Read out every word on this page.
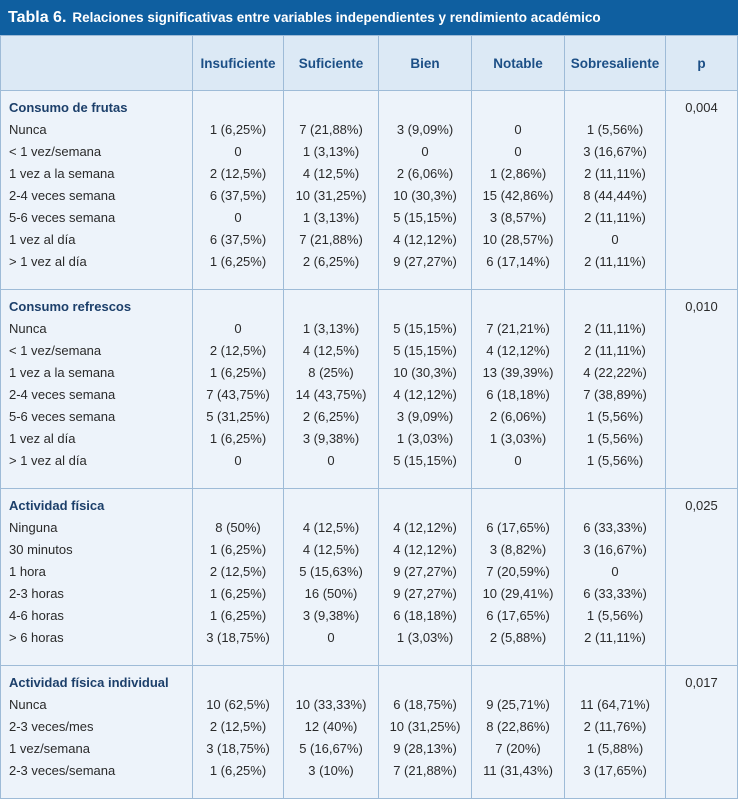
Tabla 6. Relaciones significativas entre variables independientes y rendimiento académico
	Insuficiente	Suficiente	Bien	Notable	Sobresaliente	p

Consumo de frutas						0,004
Nunca	1 (6,25%)	7 (21,88%)	3 (9,09%)	0	1 (5,56%)	
< 1 vez/semana	0	1 (3,13%)	0	0	3 (16,67%)	
1 vez a la semana	2 (12,5%)	4 (12,5%)	2 (6,06%)	1 (2,86%)	2 (11,11%)	
2-4 veces semana	6 (37,5%)	10 (31,25%)	10 (30,3%)	15 (42,86%)	8 (44,44%)	
5-6 veces semana	0	1 (3,13%)	5 (15,15%)	3 (8,57%)	2 (11,11%)	
1 vez al día	6 (37,5%)	7 (21,88%)	4 (12,12%)	10 (28,57%)	0	
> 1 vez al día	1 (6,25%)	2 (6,25%)	9 (27,27%)	6 (17,14%)	2 (11,11%)	

Consumo refrescos						0,010
Nunca	0	1 (3,13%)	5 (15,15%)	7 (21,21%)	2 (11,11%)	
< 1 vez/semana	2 (12,5%)	4 (12,5%)	5 (15,15%)	4 (12,12%)	2 (11,11%)	
1 vez a la semana	1 (6,25%)	8 (25%)	10 (30,3%)	13 (39,39%)	4 (22,22%)	
2-4 veces semana	7 (43,75%)	14 (43,75%)	4 (12,12%)	6 (18,18%)	7 (38,89%)	
5-6 veces semana	5 (31,25%)	2 (6,25%)	3 (9,09%)	2 (6,06%)	1 (5,56%)	
1 vez al día	1 (6,25%)	3 (9,38%)	1 (3,03%)	1 (3,03%)	1 (5,56%)	
> 1 vez al día	0	0	5 (15,15%)	0	1 (5,56%)	

Actividad física						0,025
Ninguna	8 (50%)	4 (12,5%)	4 (12,12%)	6 (17,65%)	6 (33,33%)	
30 minutos	1 (6,25%)	4 (12,5%)	4 (12,12%)	3 (8,82%)	3 (16,67%)	
1 hora	2 (12,5%)	5 (15,63%)	9 (27,27%)	7 (20,59%)	0	
2-3 horas	1 (6,25%)	16 (50%)	9 (27,27%)	10 (29,41%)	6 (33,33%)	
4-6 horas	1 (6,25%)	3 (9,38%)	6 (18,18%)	6 (17,65%)	1 (5,56%)	
> 6 horas	3 (18,75%)	0	1 (3,03%)	2 (5,88%)	2 (11,11%)	

Actividad física individual						0,017
Nunca	10 (62,5%)	10 (33,33%)	6 (18,75%)	9 (25,71%)	11 (64,71%)	
2-3 veces/mes	2 (12,5%)	12 (40%)	10 (31,25%)	8 (22,86%)	2 (11,76%)	
1 vez/semana	3 (18,75%)	5 (16,67%)	9 (28,13%)	7 (20%)	1 (5,88%)	
2-3 veces/semana	1 (6,25%)	3 (10%)	7 (21,88%)	11 (31,43%)	3 (17,65%)	
